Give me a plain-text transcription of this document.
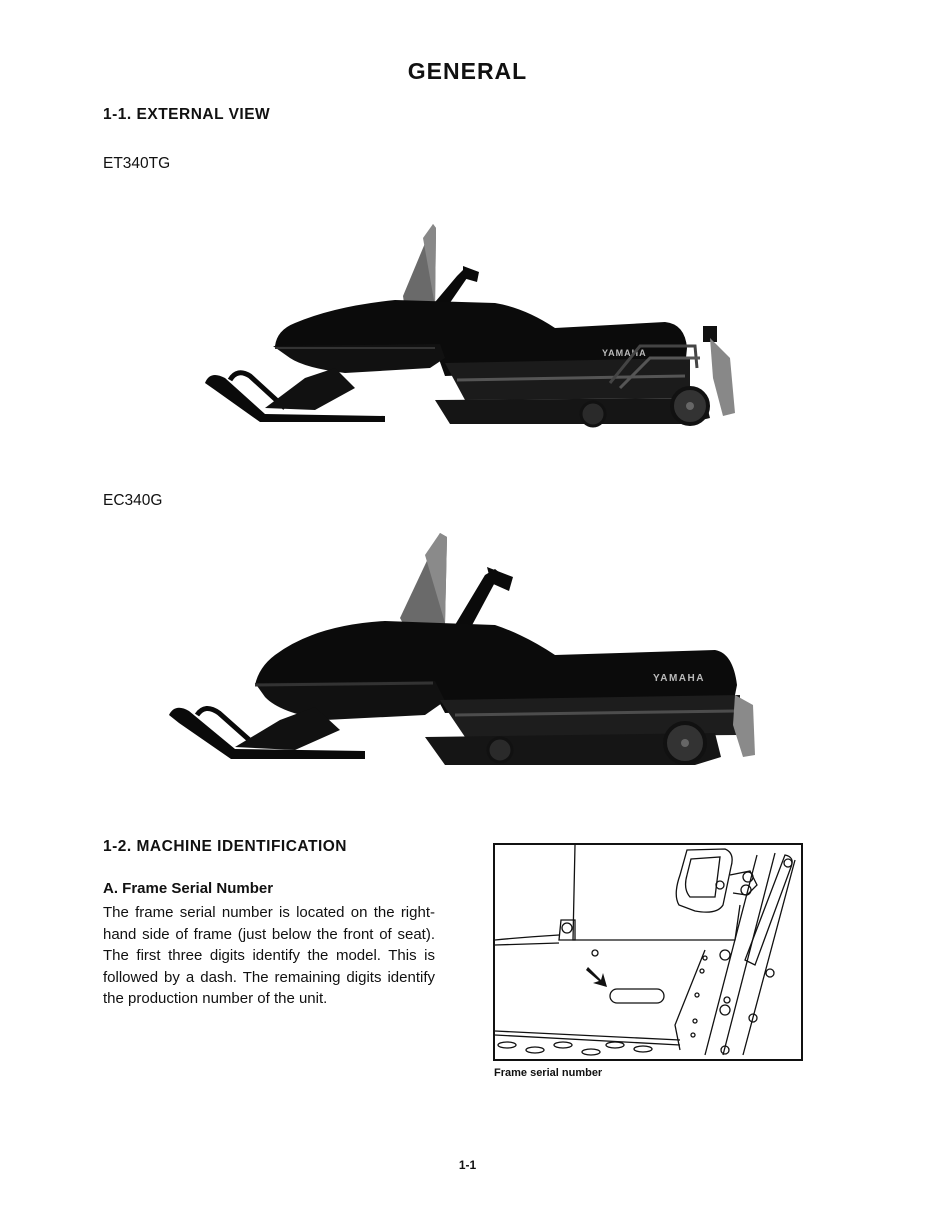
GENERAL
1-1. EXTERNAL VIEW
ET340TG
YAMAHA
EC340G
YAMAHA
1-2. MACHINE IDENTIFICATION
A. Frame Serial Number
The frame serial number is located on the right-hand side of frame (just below the front of seat). The first three digits identify the model. This is followed by a dash. The remaining digits identify the production number of the unit.
Frame serial number
1-1
